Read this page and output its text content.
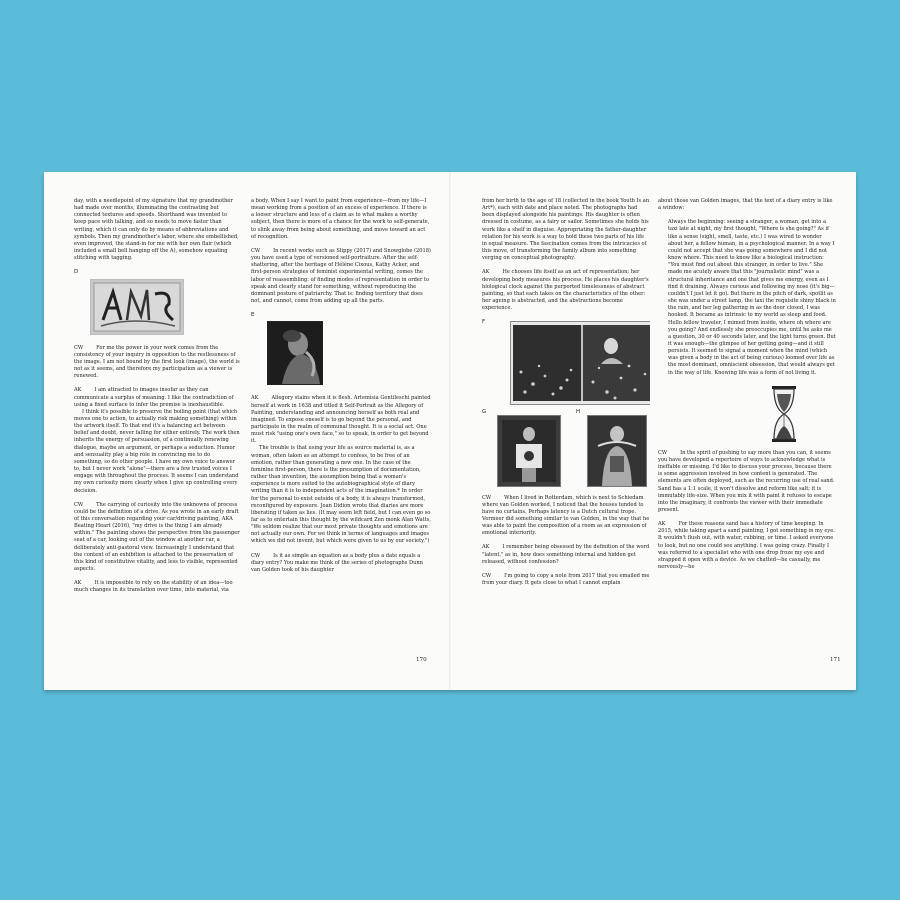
day, with a needlepoint of my signature that my grandmother had made over months, illuminating the contrasting but connected textures and speeds. Shorthand was invented to keep pace with talking, and so needs to move faster than writing, which it can only do by means of abbreviations and symbols. Then my grandmother's labor, where she embellished, even improved, the stand-in for me with her own flair (which included a small bell hanging off the A), somehow equating stitching with tagging.

D

CW	For me the power in your work comes from the consistency of your inquiry in opposition to the restlessness of the image. I am not bound by the first look (image), the world is not as it seems, and therefore my participation as a viewer is renewed.

AK	I am attracted to images insofar as they can communicate a surplus of meaning. I like the contradiction of using a fixed surface to infer the premise is inexhaustible.

I think it's possible to preserve the boiling point (that which moves one to action, to actually risk making something) within the artwork itself. To that end it's a balancing act between belief and doubt, never falling for either entirely. The work then inherits the energy of persuasion, of a continually renewing dialogue, maybe an argument, or perhaps a seduction. Humor and sensuality play a big role in convincing me to do something, so do other people. I have my own voice to answer to, but I never work "alone"—there are a few trusted voices I engage with throughout the process. It seems I can understand my own curiosity more clearly when I give up controlling every decision.

CW	The carrying of curiosity into the unknowns of process could be the definition of a drive. As you wrote in an early draft of this conversation regarding your car/driving painting, AKA Beating Heart (2016), "my drive is the thing I am already within." The painting shows the perspective from the passenger seat of a car, looking out of the window at another car, a deliberately anti-pastoral view. Increasingly I understand that the content of an exhibition is attached to the preservation of this kind of constitutive vitality, and less to visible, represented aspects.

AK	It is impossible to rely on the stability of an idea—too much changes in its translation over time, into material, via

a body. When I say I want to paint from experience—from my life—I mean working from a position of an excess of experience. If there is a looser structure and less of a claim as to what makes a worthy subject, then there is more of a chance for the work to self-generate, to slink away from being about something, and move toward an act of recognition.

CW	In recent works such as Slippy (2017) and Snowglobe (2018) you have used a type of versioned self-portraiture. After the self-shattering, after the heritage of Hélène Cixous, Kathy Acker, and first-person strategies of feminist experimental writing, comes the labor of reassembling: of finding modes of representation in order to speak and clearly stand for something, without reproducing the dominant posture of patriarchy. That is: finding territory that does not, and cannot, come from adding up all the parts.

E

AK	Allegory stains when it is flesh. Artemisia Gentileschi painted herself at work in 1638 and titled it Self-Portrait as the Allegory of Painting, understanding and announcing herself as both real and imagined. To expose oneself is to go beyond the personal, and participate in the realm of communal thought. It is a social act. One must risk "using one's own face," so to speak, in order to get beyond it.

The trouble is that using your life as source material is, as a woman, often taken as an attempt to confess, to be free of an emotion, rather than generating a new one. In the case of the feminine first-person, there is the presumption of documentation, rather than invention, the assumption being that a woman's experience is more suited to the autobiographical style of diary writing than it is to independent acts of the imagination.* In order for the personal to exist outside of a body, it is always transformed, reconfigured by exposure. Joan Didion wrote that diaries are more liberating if taken as lies. (It may seem left field, but I can even go so far as to entertain this thought by the wildcard Zen monk Alan Watts, "We seldom realize that our most private thoughts and emotions are not actually our own. For we think in terms of languages and images which we did not invent, but which were given to us by our society.")

CW	Is it as simple an equation as a body plus a date equals a diary entry? You make me think of the series of photographs Dunn van Golden took of his daughter

170

from her birth to the age of 18 (collected in the book Youth Is an Art*), each with date and place noted. The photographs had been displayed alongside his paintings. His daughter is often dressed in costume, as a fairy or sailor. Sometimes she holds his work like a shelf in disguise. Appropriating the father-daughter relation for his work is a way to hold these two parts of his life in equal measure. The fascination comes from the intricacies of this move, of transforming the family album into something verging on conceptual photography.

AK	He chooses life itself as an act of representation; her developing body measures his process. He places his daughter's biological clock against the purported timelessness of abstract painting, so that each takes on the characteristics of the other: her ageing is abstracted, and the abstractions become experience.

F
G	H

CW	When I lived in Rotterdam, which is next to Schiedam where van Golden worked, I noticed that the houses tended to have no curtains. Perhaps latency is a Dutch cultural trope. Vermeer did something similar to van Golden, in the way that he was able to paint the composition of a room as an expression of emotional interiority.

AK	I remember being obsessed by the definition of the word "latent," as in, how does something internal and hidden get released, without confession?

CW	I'm going to copy a note from 2017 that you emailed me from your diary. It gets close to what I cannot explain

about those van Golden images, that the text of a diary entry is like a window:

Always the beginning: seeing a stranger, a woman, get into a taxi late at night, my first thought, "Where is she going?" As if like a sense (sight, smell, taste, etc.) I was wired to wonder about her, a fellow human, in a psychological manner. In a way I could not accept that she was going somewhere and I did not know where. This need to know like a biological instruction: "You must find out about this stranger, in order to live." She made me acutely aware that this "journalistic mind" was a structural inheritance and one that gives me energy, even as I find it draining. Always curious and following my nose (it's big—couldn't I just let it go). But there in the pitch of dark, spotlit as she was under a street lamp, the taxi the requisite shiny black in the rain, and her leg gathering in as the door closed, I was hooked. It became as intrinsic to my world as sleep and food. Hello fellow traveler, I mimed from inside, where oh where are you going? And endlessly she preoccupies me, until he asks me a question, 30 or 40 seconds later, and the light turns green. But it was enough—the glimpse of her getting going—and it still persists. It seemed to signal a moment when the mind (which was given a body in the act of being curious) loomed over life as the most dominant, omniscient obsession, that would always get in the way of life. Knowing life was a form of not living it.

CW	In the spirit of pushing to say more than you can, it seems you have developed a repertoire of ways to acknowledge what is ineffable or missing. I'd like to discuss your process, because there is some aggression involved in how content is generated. The elements are often deployed, such as the recurring use of real sand. Sand has a 1:1 scale, it won't dissolve and reform like salt; it is immutably life-size. When you mix it with paint it refuses to escape into the imaginary, it confronts the viewer with their immediate present.

AK	For these reasons sand has a history of time keeping. In 2015, while taking apart a sand painting, I got something in my eye. It wouldn't flush out, with water, rubbing, or time. I asked everyone to look, but no one could see anything. I was going crazy. Finally I was referred to a specialist who with one drop froze my eye and strapped it open with a device. As we chatted—he casually, me nervously—he

171
